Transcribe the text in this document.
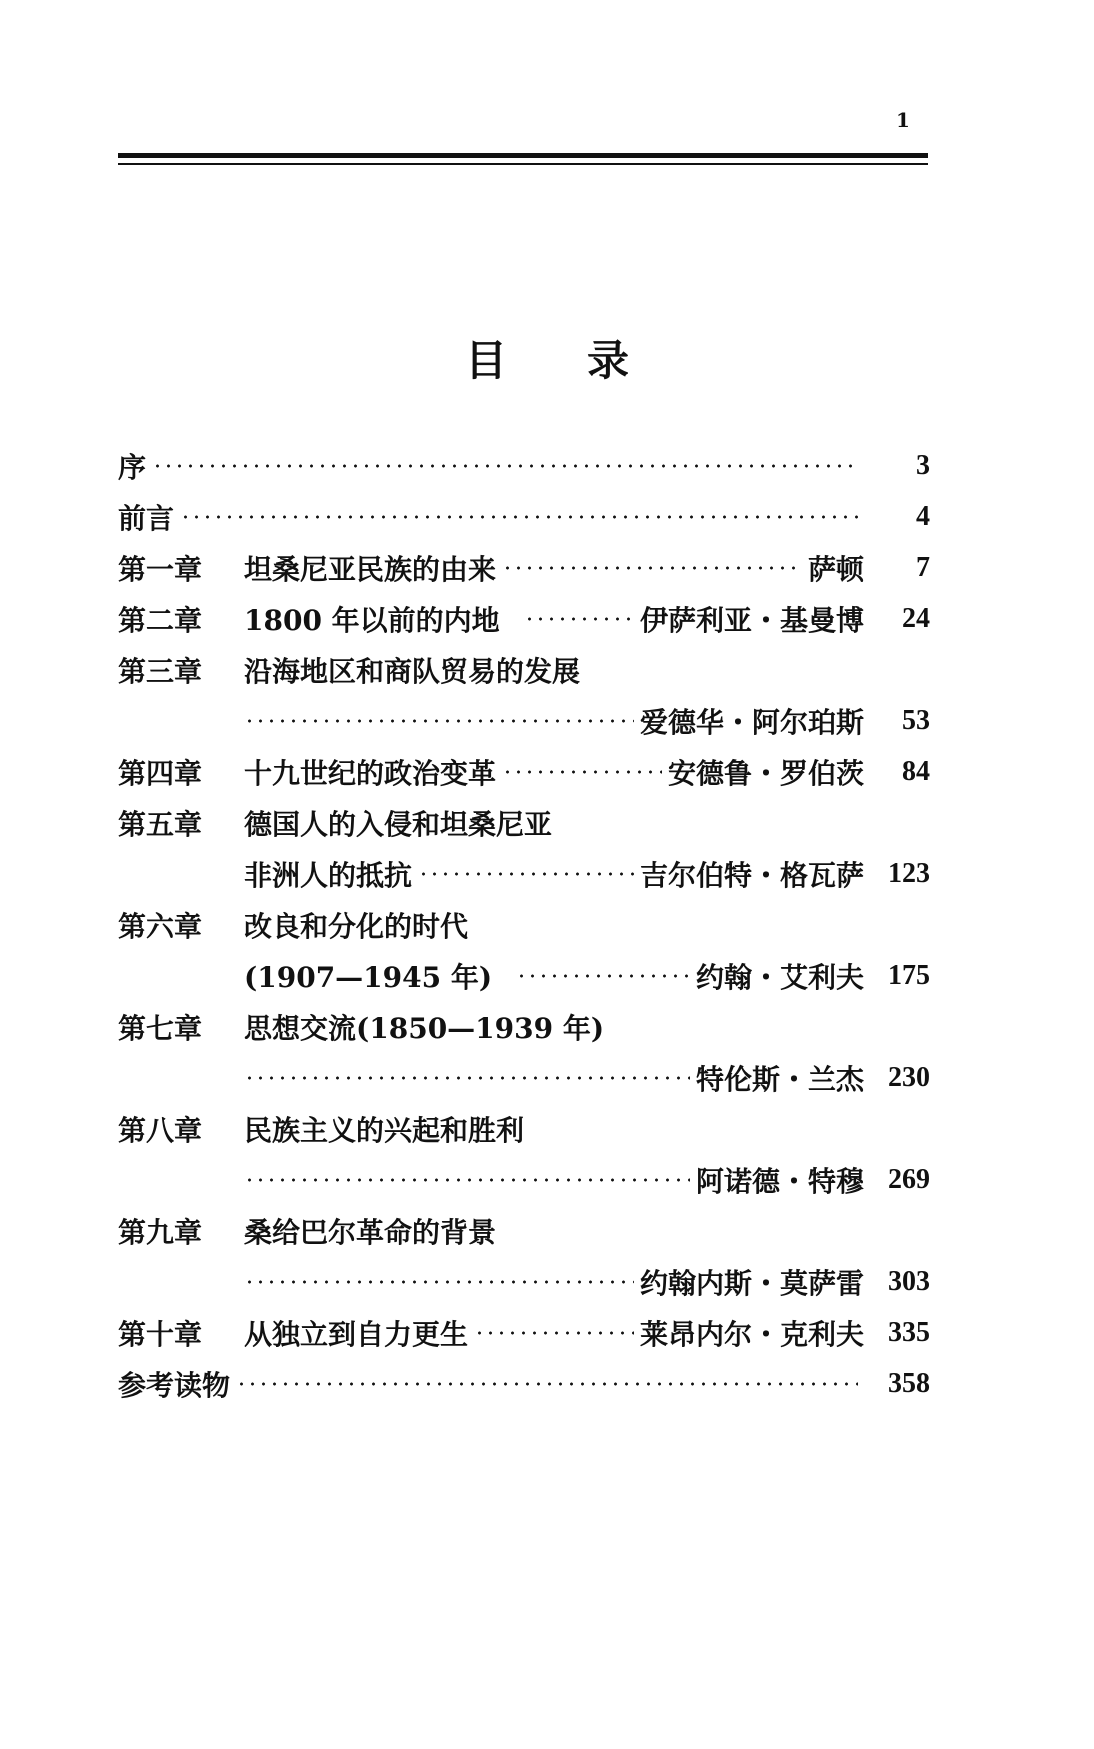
1
目录
序	3
前言	4
第一章	坦桑尼亚民族的由来	萨顿	7
第二章	1800 年以前的内地	伊萨利亚・基曼博	24
第三章	沿海地区和商队贸易的发展
爱德华・阿尔珀斯	53
第四章	十九世纪的政治变革	安德鲁・罗伯茨	84
第五章	德国人的入侵和坦桑尼亚
非洲人的抵抗	吉尔伯特・格瓦萨 123
第六章	改良和分化的时代
(1907—1945 年)	约翰・艾利夫 175
第七章	思想交流(1850—1939 年)
特伦斯・兰杰 230
第八章	民族主义的兴起和胜利
阿诺德・特穆 269
第九章	桑给巴尔革命的背景
约翰内斯・莫萨雷 303
第十章	从独立到自力更生	莱昂内尔・克利夫 335
参考读物	358
